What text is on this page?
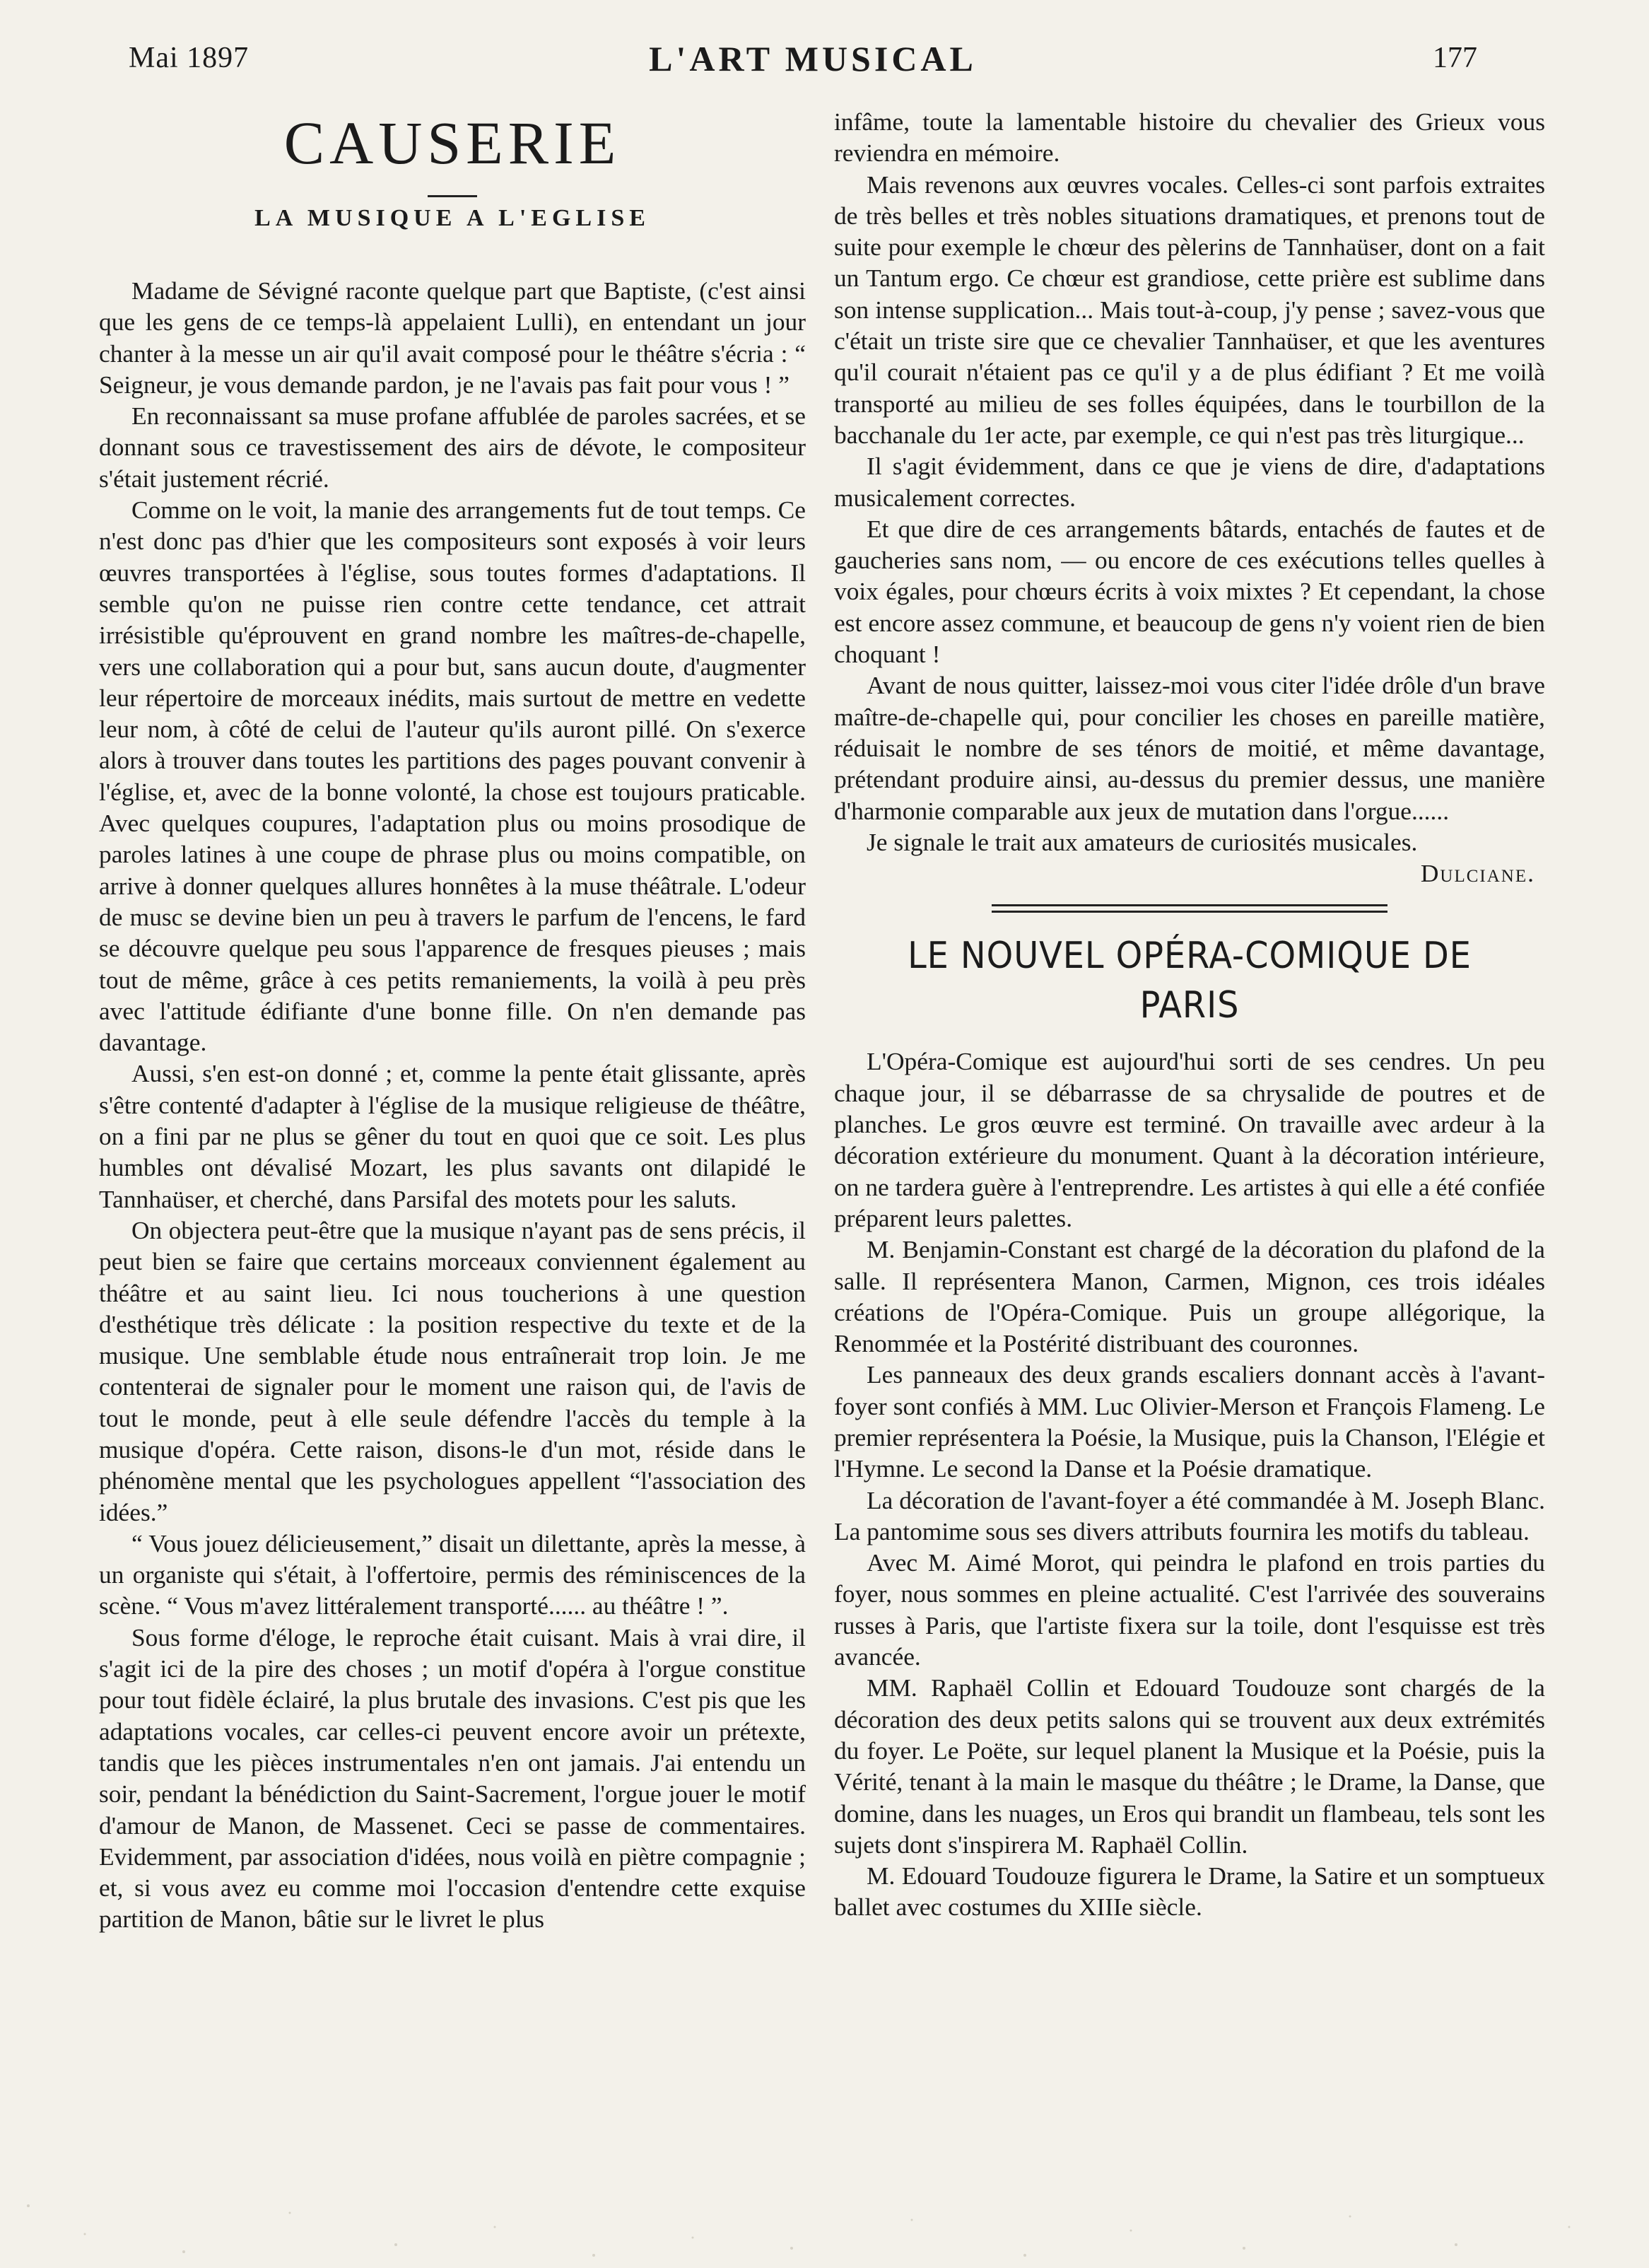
Mai 1897	L'ART MUSICAL	177
CAUSERIE
LA MUSIQUE A L'EGLISE

Madame de Sévigné raconte quelque part que Baptiste, (c'est ainsi que les gens de ce temps-là appelaient Lulli), en entendant un jour chanter à la messe un air qu'il avait composé pour le théâtre s'écria : “ Seigneur, je vous demande pardon, je ne l'avais pas fait pour vous ! ”

En reconnaissant sa muse profane affublée de paroles sacrées, et se donnant sous ce travestissement des airs de dévote, le compositeur s'était justement récrié.

Comme on le voit, la manie des arrangements fut de tout temps. Ce n'est donc pas d'hier que les compositeurs sont exposés à voir leurs œuvres transportées à l'église, sous toutes formes d'adaptations. Il semble qu'on ne puisse rien contre cette tendance, cet attrait irrésistible qu'éprouvent en grand nombre les maîtres-de-chapelle, vers une collaboration qui a pour but, sans aucun doute, d'augmenter leur répertoire de morceaux inédits, mais surtout de mettre en vedette leur nom, à côté de celui de l'auteur qu'ils auront pillé. On s'exerce alors à trouver dans toutes les partitions des pages pouvant convenir à l'église, et, avec de la bonne volonté, la chose est toujours praticable. Avec quelques coupures, l'adaptation plus ou moins prosodique de paroles latines à une coupe de phrase plus ou moins compatible, on arrive à donner quelques allures honnêtes à la muse théâtrale. L'odeur de musc se devine bien un peu à travers le parfum de l'encens, le fard se découvre quelque peu sous l'apparence de fresques pieuses ; mais tout de même, grâce à ces petits remaniements, la voilà à peu près avec l'attitude édifiante d'une bonne fille. On n'en demande pas davantage.

Aussi, s'en est-on donné ; et, comme la pente était glissante, après s'être contenté d'adapter à l'église de la musique religieuse de théâtre, on a fini par ne plus se gêner du tout en quoi que ce soit. Les plus humbles ont dévalisé Mozart, les plus savants ont dilapidé le Tannhaüser, et cherché, dans Parsifal des motets pour les saluts.

On objectera peut-être que la musique n'ayant pas de sens précis, il peut bien se faire que certains morceaux conviennent également au théâtre et au saint lieu. Ici nous toucherions à une question d'esthétique très délicate : la position respective du texte et de la musique. Une semblable étude nous entraînerait trop loin. Je me contenterai de signaler pour le moment une raison qui, de l'avis de tout le monde, peut à elle seule défendre l'accès du temple à la musique d'opéra. Cette raison, disons-le d'un mot, réside dans le phénomène mental que les psychologues appellent “l'association des idées.”

“ Vous jouez délicieusement,” disait un dilettante, après la messe, à un organiste qui s'était, à l'offertoire, permis des réminiscences de la scène. “ Vous m'avez littéralement transporté...... au théâtre ! ”.

Sous forme d'éloge, le reproche était cuisant. Mais à vrai dire, il s'agit ici de la pire des choses ; un motif d'opéra à l'orgue constitue pour tout fidèle éclairé, la plus brutale des invasions. C'est pis que les adaptations vocales, car celles-ci peuvent encore avoir un prétexte, tandis que les pièces instrumentales n'en ont jamais. J'ai entendu un soir, pendant la bénédiction du Saint-Sacrement, l'orgue jouer le motif d'amour de Manon, de Massenet. Ceci se passe de commentaires. Evidemment, par association d'idées, nous voilà en piètre compagnie ; et, si vous avez eu comme moi l'occasion d'entendre cette exquise partition de Manon, bâtie sur le livret le plus

infâme, toute la lamentable histoire du chevalier des Grieux vous reviendra en mémoire.

Mais revenons aux œuvres vocales. Celles-ci sont parfois extraites de très belles et très nobles situations dramatiques, et prenons tout de suite pour exemple le chœur des pèlerins de Tannhaüser, dont on a fait un Tantum ergo. Ce chœur est grandiose, cette prière est sublime dans son intense supplication... Mais tout-à-coup, j'y pense ; savez-vous que c'était un triste sire que ce chevalier Tannhaüser, et que les aventures qu'il courait n'étaient pas ce qu'il y a de plus édifiant ? Et me voilà transporté au milieu de ses folles équipées, dans le tourbillon de la bacchanale du 1er acte, par exemple, ce qui n'est pas très liturgique...

Il s'agit évidemment, dans ce que je viens de dire, d'adaptations musicalement correctes.

Et que dire de ces arrangements bâtards, entachés de fautes et de gaucheries sans nom, — ou encore de ces exécutions telles quelles à voix égales, pour chœurs écrits à voix mixtes ? Et cependant, la chose est encore assez commune, et beaucoup de gens n'y voient rien de bien choquant !

Avant de nous quitter, laissez-moi vous citer l'idée drôle d'un brave maître-de-chapelle qui, pour concilier les choses en pareille matière, réduisait le nombre de ses ténors de moitié, et même davantage, prétendant produire ainsi, au-dessus du premier dessus, une manière d'harmonie comparable aux jeux de mutation dans l'orgue......

Je signale le trait aux amateurs de curiosités musicales.

Dulciane.

LE NOUVEL OPÉRA-COMIQUE DE PARIS

L'Opéra-Comique est aujourd'hui sorti de ses cendres. Un peu chaque jour, il se débarrasse de sa chrysalide de poutres et de planches. Le gros œuvre est terminé. On travaille avec ardeur à la décoration extérieure du monument. Quant à la décoration intérieure, on ne tardera guère à l'entreprendre. Les artistes à qui elle a été confiée préparent leurs palettes.

M. Benjamin-Constant est chargé de la décoration du plafond de la salle. Il représentera Manon, Carmen, Mignon, ces trois idéales créations de l'Opéra-Comique. Puis un groupe allégorique, la Renommée et la Postérité distribuant des couronnes.

Les panneaux des deux grands escaliers donnant accès à l'avant-foyer sont confiés à MM. Luc Olivier-Merson et François Flameng. Le premier représentera la Poésie, la Musique, puis la Chanson, l'Elégie et l'Hymne. Le second la Danse et la Poésie dramatique.

La décoration de l'avant-foyer a été commandée à M. Joseph Blanc. La pantomime sous ses divers attributs fournira les motifs du tableau.

Avec M. Aimé Morot, qui peindra le plafond en trois parties du foyer, nous sommes en pleine actualité. C'est l'arrivée des souverains russes à Paris, que l'artiste fixera sur la toile, dont l'esquisse est très avancée.

MM. Raphaël Collin et Edouard Toudouze sont chargés de la décoration des deux petits salons qui se trouvent aux deux extrémités du foyer. Le Poëte, sur lequel planent la Musique et la Poésie, puis la Vérité, tenant à la main le masque du théâtre ; le Drame, la Danse, que domine, dans les nuages, un Eros qui brandit un flambeau, tels sont les sujets dont s'inspirera M. Raphaël Collin.

M. Edouard Toudouze figurera le Drame, la Satire et un somptueux ballet avec costumes du XIIIe siècle.
